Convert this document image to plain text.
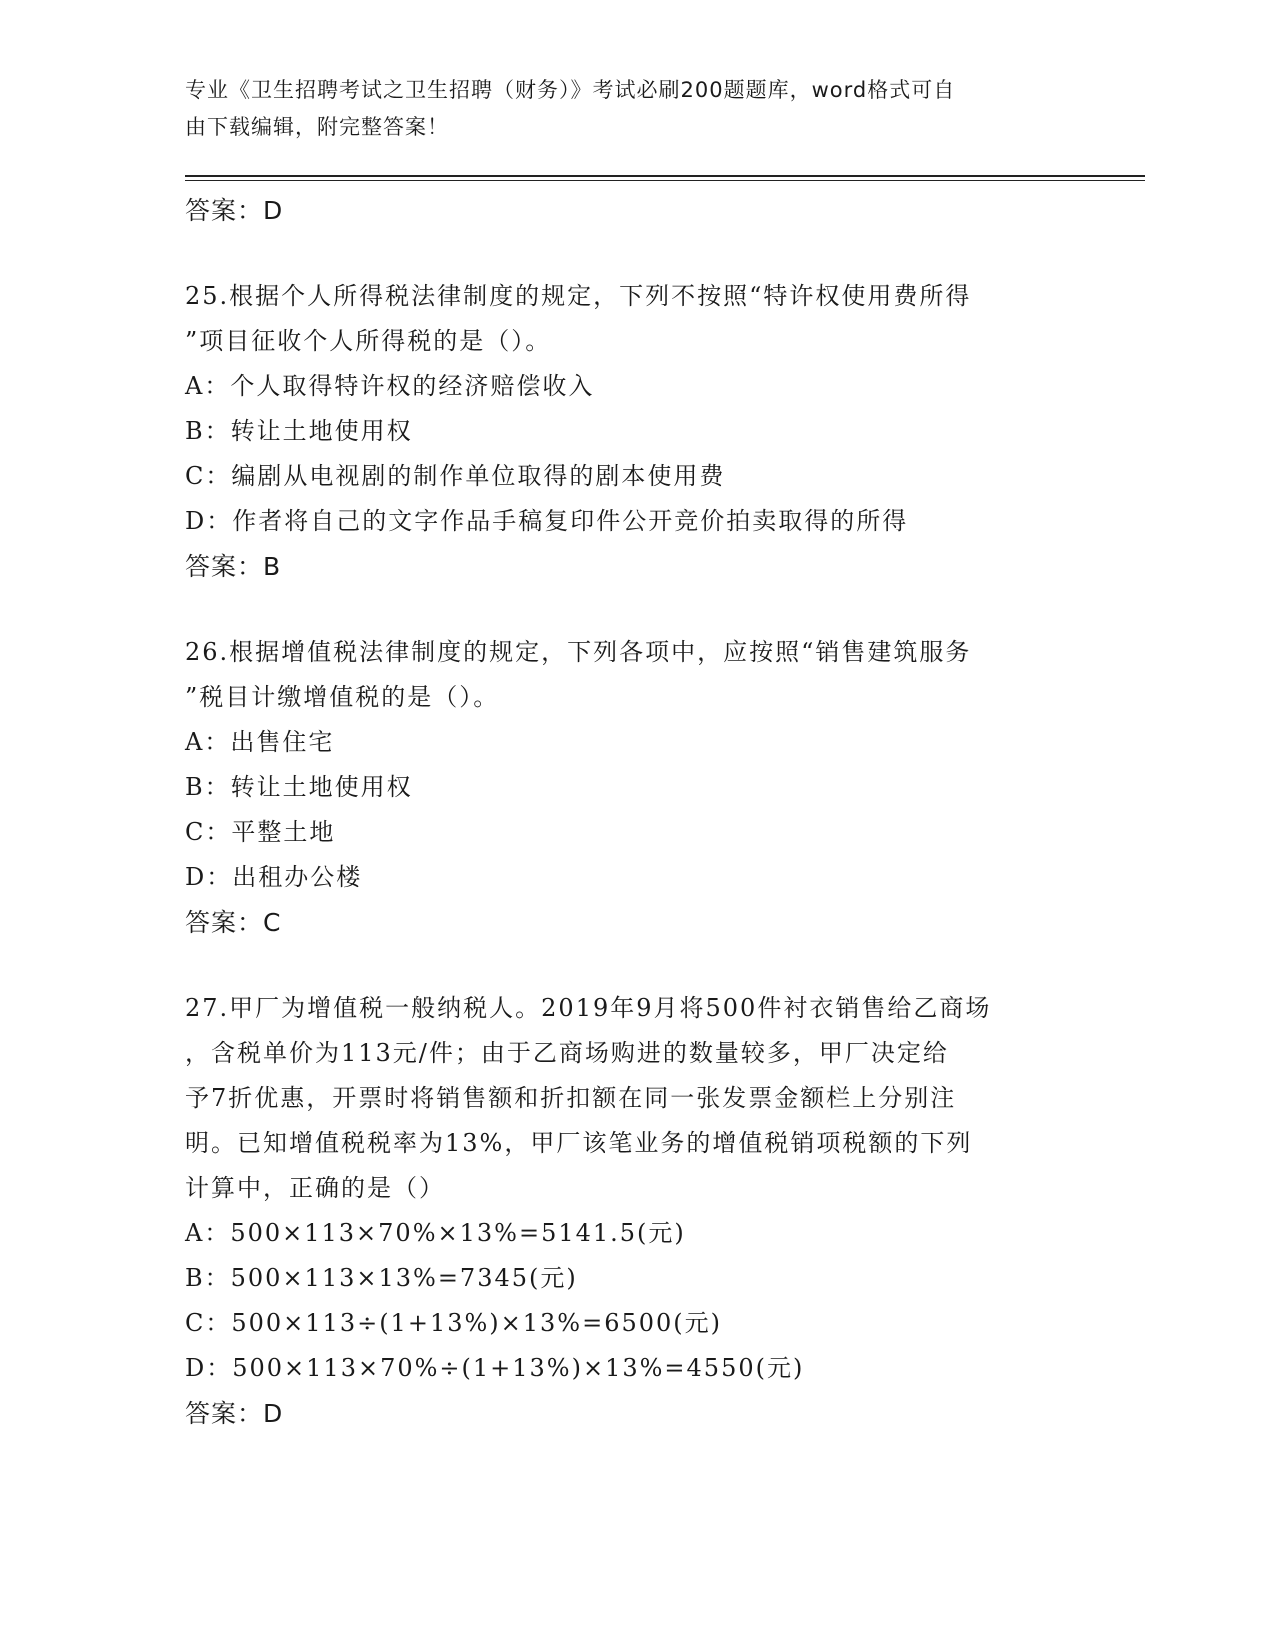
专业《卫生招聘考试之卫生招聘（财务）》考试必刷200题题库，word格式可自
由下载编辑，附完整答案！
答案：D
25.根据个人所得税法律制度的规定，下列不按照“特许权使用费所得
”项目征收个人所得税的是（）。
A：个人取得特许权的经济赔偿收入
B：转让土地使用权
C：编剧从电视剧的制作单位取得的剧本使用费
D：作者将自己的文字作品手稿复印件公开竞价拍卖取得的所得
答案：B
26.根据增值税法律制度的规定，下列各项中，应按照“销售建筑服务
”税目计缴增值税的是（）。
A：出售住宅
B：转让土地使用权
C：平整土地
D：出租办公楼
答案：C
27.甲厂为增值税一般纳税人。2019年9月将500件衬衣销售给乙商场
，含税单价为113元/件；由于乙商场购进的数量较多，甲厂决定给
予7折优惠，开票时将销售额和折扣额在同一张发票金额栏上分别注
明。已知增值税税率为13%，甲厂该笔业务的增值税销项税额的下列
计算中，正确的是（）
A：500×113×70%×13%=5141.5(元)
B：500×113×13%=7345(元)
C：500×113÷(1+13%)×13%=6500(元)
D：500×113×70%÷(1+13%)×13%=4550(元)
答案：D
